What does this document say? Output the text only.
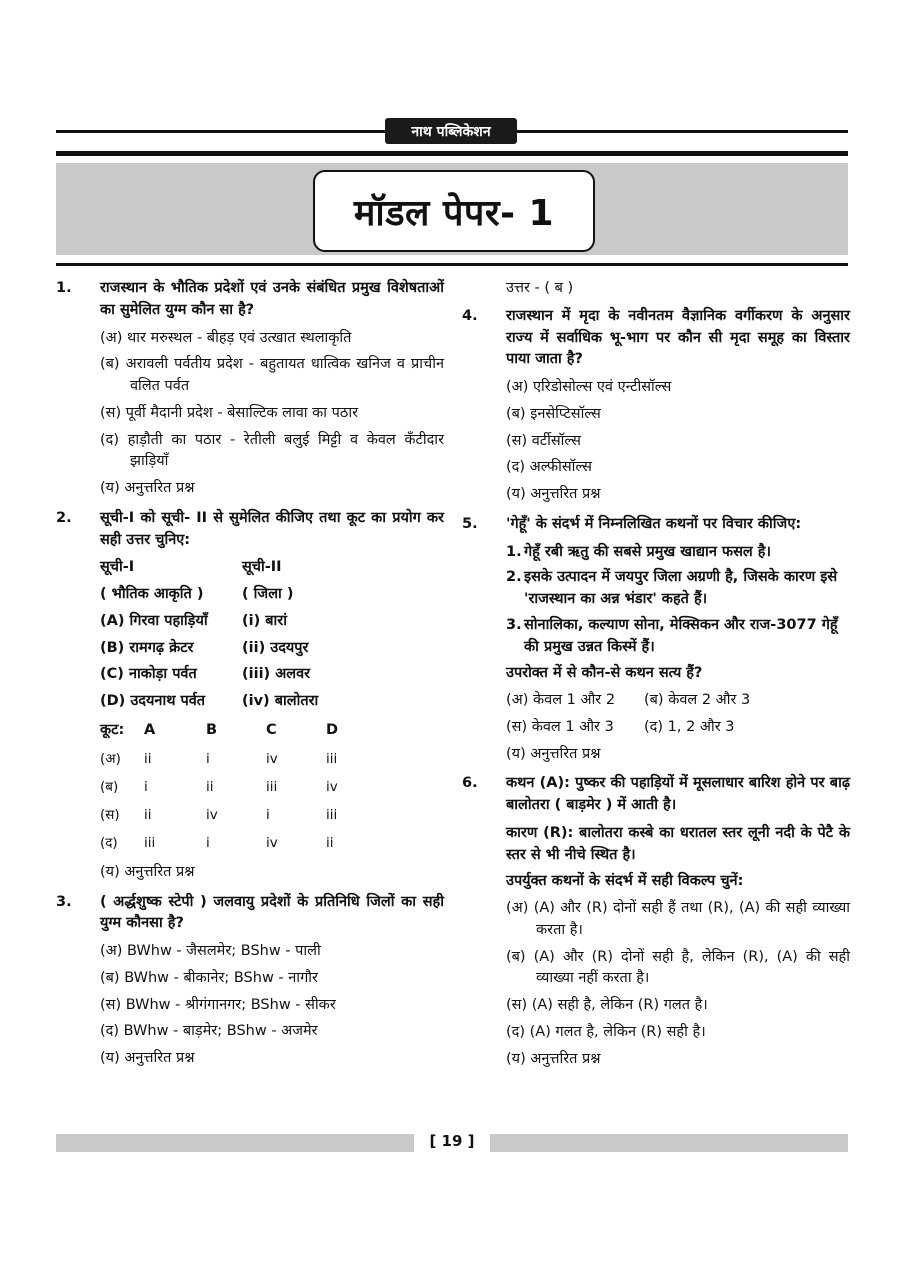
नाथ पब्लिकेशन
मॉडल पेपर- 1
1. राजस्थान के भौतिक प्रदेशों एवं उनके संबंधित प्रमुख विशेषताओं का सुमेलित युग्म कौन सा है?
(अ) थार मरुस्थल - बीहड़ एवं उत्खात स्थलाकृति
(ब) अरावली पर्वतीय प्रदेश - बहुतायत धात्विक खनिज व प्राचीन वलित पर्वत
(स) पूर्वी मैदानी प्रदेश - बेसाल्टिक लावा का पठार
(द) हाड़ौती का पठार - रेतीली बलुई मिट्टी व केवल कँटीदार झाड़ियाँ
(य) अनुत्तरित प्रश्न
2. सूची-I को सूची- II से सुमेलित कीजिए तथा कूट का प्रयोग कर सही उत्तर चुनिए:
सूची-I	सूची-II
( भौतिक आकृति )	( जिला )
(A) गिरवा पहाड़ियाँ (i) बारां
(B) रामगढ़ क्रेटर	(ii) उदयपुर
(C) नाकोड़ा पर्वत	(iii) अलवर
(D) उदयनाथ पर्वत	(iv) बालोतरा
कूट:	A	B	C	D
(अ)	ii	i	iv	iii
(ब)	i	ii	iii	iv
(स)	ii	iv	i	iii
(द)	iii	i	iv	ii
(य) अनुत्तरित प्रश्न
3. ( अर्द्धशुष्क स्टेपी ) जलवायु प्रदेशों के प्रतिनिधि जिलों का सही युग्म कौनसा है?
(अ) BWhw - जैसलमेर; BShw - पाली
(ब) BWhw - बीकानेर; BShw - नागौर
(स) BWhw - श्रीगंगानगर; BShw - सीकर
(द) BWhw - बाड़मेर; BShw - अजमेर
(य) अनुत्तरित प्रश्न
उत्तर - ( ब )
4. राजस्थान में मृदा के नवीनतम वैज्ञानिक वर्गीकरण के अनुसार राज्य में सर्वाधिक भू-भाग पर कौन सी मृदा समूह का विस्तार पाया जाता है?
(अ) एरिडोसोल्स एवं एन्टीसॉल्स
(ब) इनसेप्टिसॉल्स
(स) वर्टीसॉल्स
(द) अल्फीसॉल्स
(य) अनुत्तरित प्रश्न
5. 'गेहूँ' के संदर्भ में निम्नलिखित कथनों पर विचार कीजिए:
1. गेहूँ रबी ऋतु की सबसे प्रमुख खाद्यान फसल है।
2. इसके उत्पादन में जयपुर जिला अग्रणी है, जिसके कारण इसे 'राजस्थान का अन्न भंडार' कहते हैं।
3. सोनालिका, कल्याण सोना, मेक्सिकन और राज-3077 गेहूँ की प्रमुख उन्नत किस्में हैं।
उपरोक्त में से कौन-से कथन सत्य हैं?
(अ) केवल 1 और 2 (ब) केवल 2 और 3
(स) केवल 1 और 3 (द) 1, 2 और 3
(य) अनुत्तरित प्रश्न
6. कथन (A): पुष्कर की पहाड़ियों में मूसलाधार बारिश होने पर बाढ़ बालोतरा ( बाड़मेर ) में आती है।
कारण (R): बालोतरा कस्बे का धरातल स्तर लूनी नदी के पेटै के स्तर से भी नीचे स्थित है।
उपर्युक्त कथनों के संदर्भ में सही विकल्प चुनें:
(अ) (A) और (R) दोनों सही हैं तथा (R), (A) की सही व्याख्या करता है।
(ब) (A) और (R) दोनों सही है, लेकिन (R), (A) की सही व्याख्या नहीं करता है।
(स) (A) सही है, लेकिन (R) गलत है।
(द) (A) गलत है, लेकिन (R) सही है।
(य) अनुत्तरित प्रश्न
[ 19 ]
